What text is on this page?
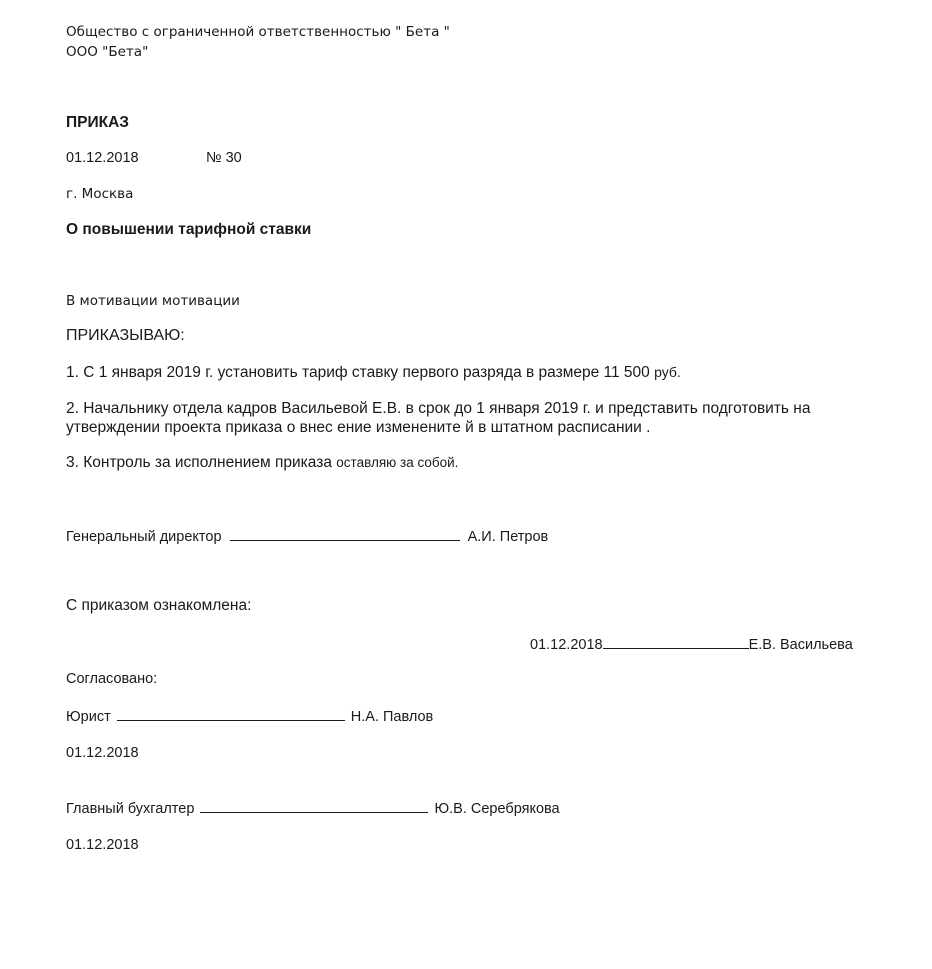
Общество с ограниченной ответственностью " Бета "
ООО "Бета"
ПРИКАЗ
01.12.2018	№ 30
г. Москва
О повышении тарифной ставки
В мотивации мотивации
ПРИКАЗЫВАЮ:
1. С 1 января 2019 г. установить тариф ставку первого разряда в размере 11 500 руб.
2. Начальнику отдела кадров Васильевой Е.В. в срок до 1 января 2019 г. и представить подготовить на
утверждении проекта приказа о внес ение изменените й в штатном расписании .
3. Контроль за исполнением приказа оставляю за собой.
Генеральный директор	А.И. Петров
С приказом ознакомлена:
01.12.2018	Е.В. Васильева
Согласовано:
Юрист	Н.А. Павлов
01.12.2018
Главный бухгалтер	Ю.В. Серебрякова
01.12.2018
